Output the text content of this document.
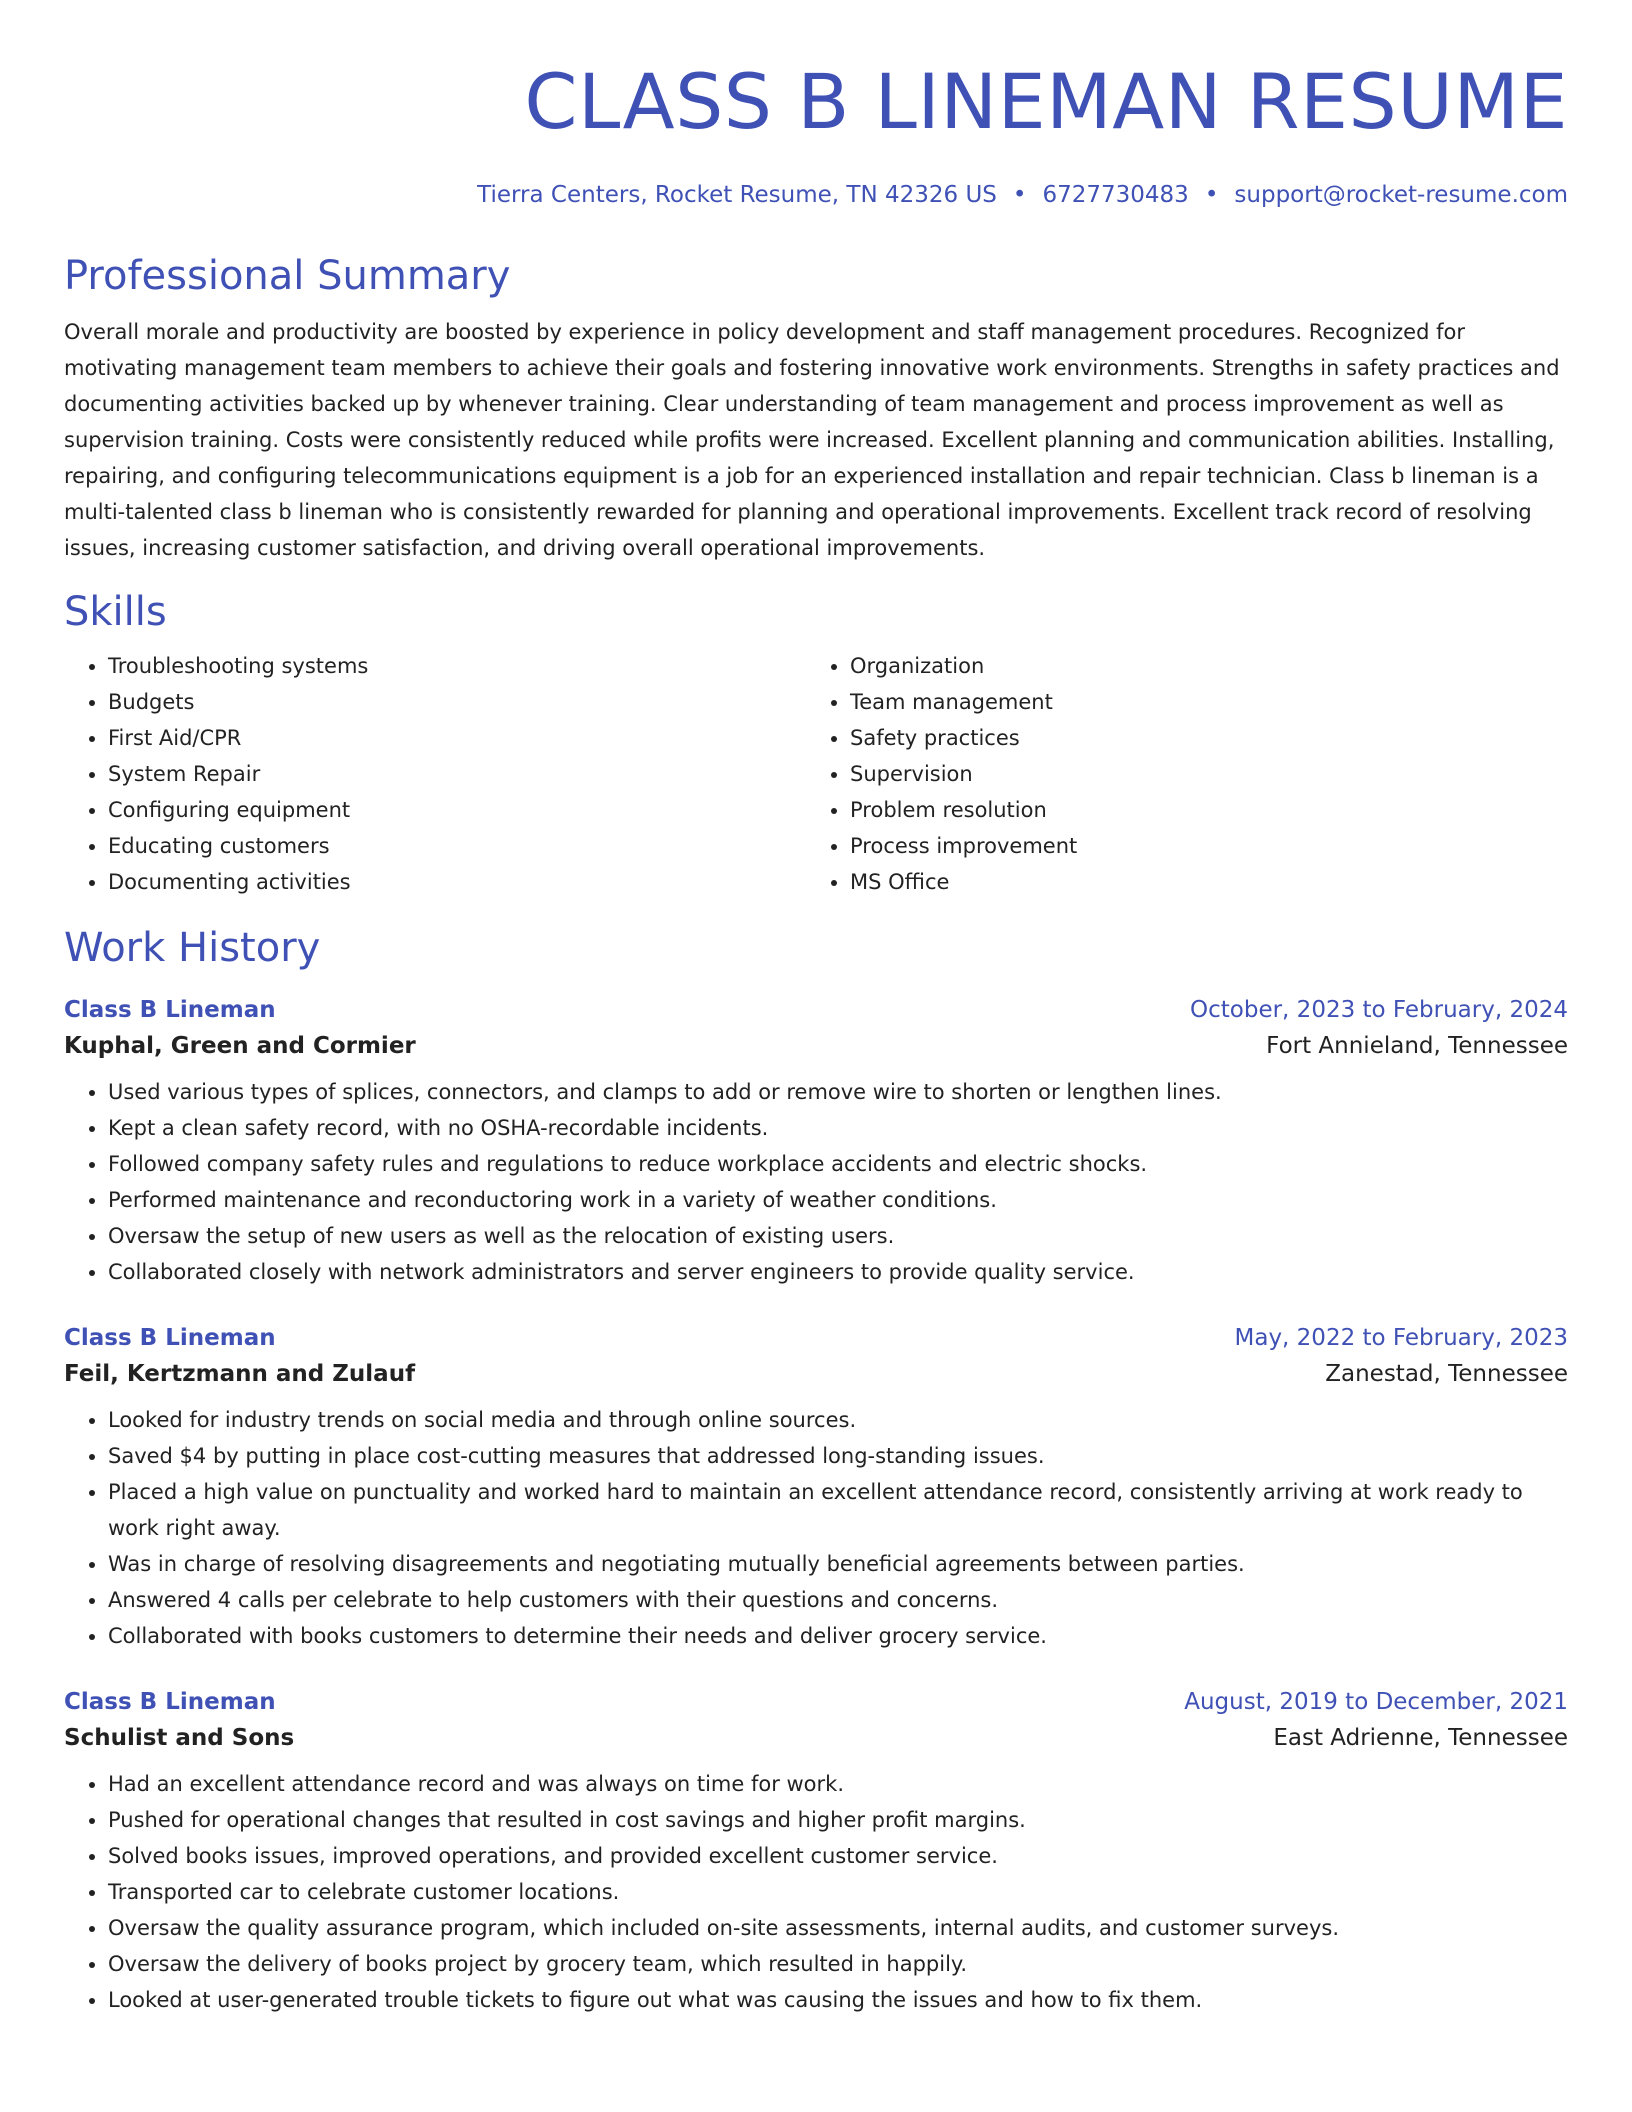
CLASS B LINEMAN RESUME
Tierra Centers, Rocket Resume, TN 42326 US • 6727730483 • support@rocket-resume.com
Professional Summary

Overall morale and productivity are boosted by experience in policy development and staff management procedures. Recognized for motivating management team members to achieve their goals and fostering innovative work environments. Strengths in safety practices and documenting activities backed up by whenever training. Clear understanding of team management and process improvement as well as supervision training. Costs were consistently reduced while profits were increased. Excellent planning and communication abilities. Installing, repairing, and configuring telecommunications equipment is a job for an experienced installation and repair technician. Class b lineman is a multi-talented class b lineman who is consistently rewarded for planning and operational improvements. Excellent track record of resolving issues, increasing customer satisfaction, and driving overall operational improvements.

Skills
• Troubleshooting systems
• Budgets
• First Aid/CPR
• System Repair
• Configuring equipment
• Educating customers
• Documenting activities
• Organization
• Team management
• Safety practices
• Supervision
• Problem resolution
• Process improvement
• MS Office
Work History
Class B Lineman	October, 2023 to February, 2024
Kuphal, Green and Cormier	Fort Annieland, Tennessee
• Used various types of splices, connectors, and clamps to add or remove wire to shorten or lengthen lines.
• Kept a clean safety record, with no OSHA-recordable incidents.
• Followed company safety rules and regulations to reduce workplace accidents and electric shocks.
• Performed maintenance and reconductoring work in a variety of weather conditions.
• Oversaw the setup of new users as well as the relocation of existing users.
• Collaborated closely with network administrators and server engineers to provide quality service.
Class B Lineman	May, 2022 to February, 2023
Feil, Kertzmann and Zulauf	Zanestad, Tennessee
• Looked for industry trends on social media and through online sources.
• Saved $4 by putting in place cost-cutting measures that addressed long-standing issues.
• Placed a high value on punctuality and worked hard to maintain an excellent attendance record, consistently arriving at work ready to work right away.
• Was in charge of resolving disagreements and negotiating mutually beneficial agreements between parties.
• Answered 4 calls per celebrate to help customers with their questions and concerns.
• Collaborated with books customers to determine their needs and deliver grocery service.
Class B Lineman	August, 2019 to December, 2021
Schulist and Sons	East Adrienne, Tennessee
• Had an excellent attendance record and was always on time for work.
• Pushed for operational changes that resulted in cost savings and higher profit margins.
• Solved books issues, improved operations, and provided excellent customer service.
• Transported car to celebrate customer locations.
• Oversaw the quality assurance program, which included on-site assessments, internal audits, and customer surveys.
• Oversaw the delivery of books project by grocery team, which resulted in happily.
• Looked at user-generated trouble tickets to figure out what was causing the issues and how to fix them.
